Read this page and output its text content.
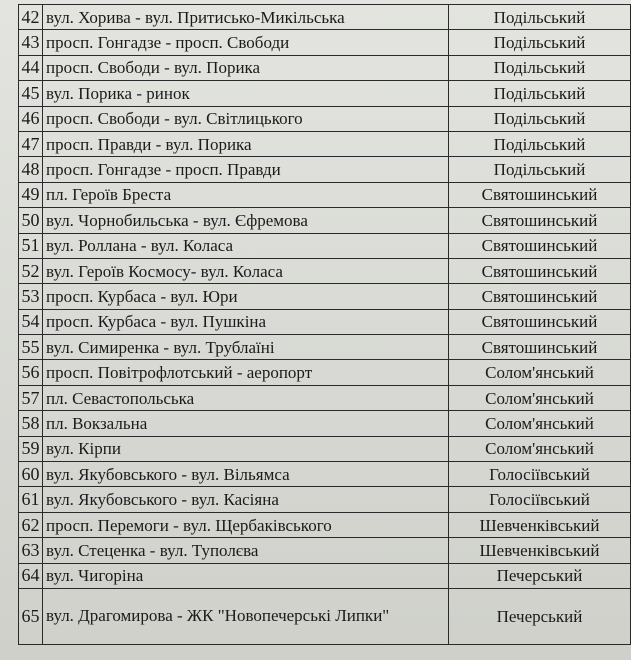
42	вул. Хорива - вул. Притисько-Микільська	Подільський
43	просп. Гонгадзе - просп. Свободи	Подільський
44	просп. Свободи - вул. Порика	Подільський
45	вул. Порика - ринок	Подільський
46	просп. Свободи - вул. Світлицького	Подільський
47	просп. Правди - вул. Порика	Подільський
48	просп. Гонгадзе - просп. Правди	Подільський
49	пл. Героїв Бреста	Святошинський
50	вул. Чорнобильська - вул. Єфремова	Святошинський
51	вул. Роллана - вул. Коласа	Святошинський
52	вул. Героїв Космосу- вул. Коласа	Святошинський
53	просп. Курбаса - вул. Юри	Святошинський
54	просп. Курбаса - вул. Пушкіна	Святошинський
55	вул. Симиренка - вул. Трублаїні	Святошинський
56	просп. Повітрофлотський - аеропорт	Солом'янський
57	пл. Севастопольська	Солом'янський
58	пл. Вокзальна	Солом'янський
59	вул. Кірпи	Солом'янський
60	вул. Якубовського - вул. Вільямса	Голосіївський
61	вул. Якубовського - вул. Касіяна	Голосіївський
62	просп. Перемоги - вул. Щербаківського	Шевченківський
63	вул. Стеценка - вул. Туполєва	Шевченківський
64	вул. Чигоріна	Печерський
65	вул. Драгомирова - ЖК "Новопечерські Липки"	Печерський
